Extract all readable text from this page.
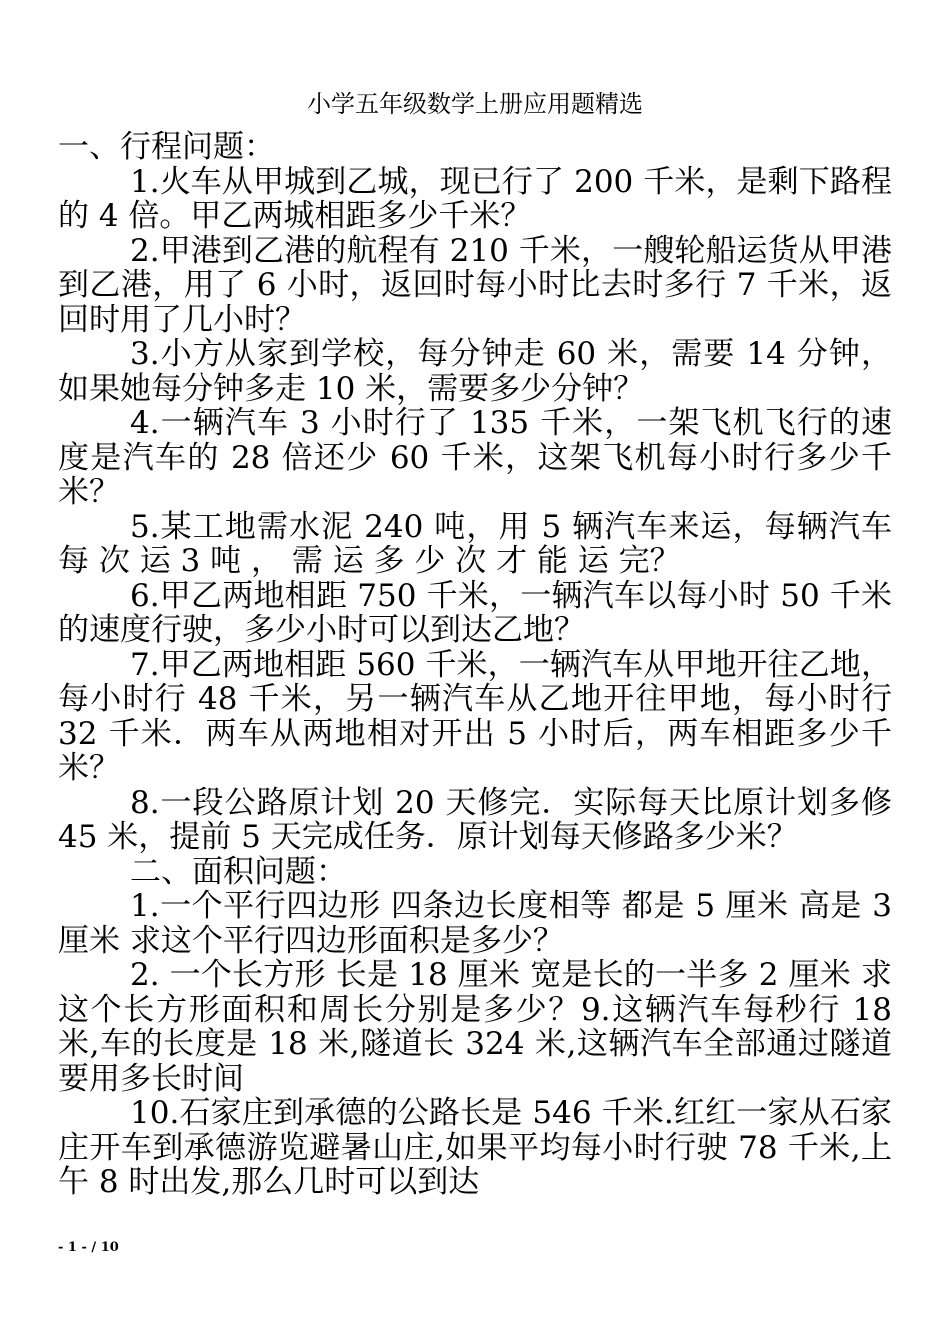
小学五年级数学上册应用题精选

一、行程问题：

1.火车从甲城到乙城，现已行了 200 千米，是剩下路程的 4 倍。甲乙两城相距多少千米？

2.甲港到乙港的航程有 210 千米，一艘轮船运货从甲港到乙港，用了 6 小时，返回时每小时比去时多行 7 千米，返回时用了几小时？

3.小方从家到学校，每分钟走 60 米，需要 14 分钟，如果她每分钟多走 10 米，需要多少分钟？

4.一辆汽车 3 小时行了 135 千米，一架飞机飞行的速度是汽车的 28 倍还少 60 千米，这架飞机每小时行多少千米？

5.某工地需水泥 240 吨，用 5 辆汽车来运，每辆汽车 每 次 运 3 吨 ， 需 运 多 少 次 才 能 运 完？

6.甲乙两地相距 750 千米，一辆汽车以每小时 50 千米的速度行驶，多少小时可以到达乙地？

7.甲乙两地相距 560 千米，一辆汽车从甲地开往乙地，每小时行 48 千米，另一辆汽车从乙地开往甲地，每小时行 32 千米．两车从两地相对开出 5 小时后，两车相距多少千米？

8.一段公路原计划 20 天修完．实际每天比原计划多修 45 米，提前 5 天完成任务．原计划每天修路多少米？

二、面积问题：

1.一个平行四边形 四条边长度相等 都是 5 厘米 高是 3 厘米 求这个平行四边形面积是多少？

2. 一个长方形 长是 18 厘米 宽是长的一半多 2 厘米 求这个长方形面积和周长分别是多少？9.这辆汽车每秒行 18 米,车的长度是 18 米,隧道长 324 米,这辆汽车全部通过隧道要用多长时间

10.石家庄到承德的公路长是 546 千米.红红一家从石家庄开车到承德游览避暑山庄,如果平均每小时行驶 78 千米,上午 8 时出发,那么几时可以到达

- 1 - / 10
